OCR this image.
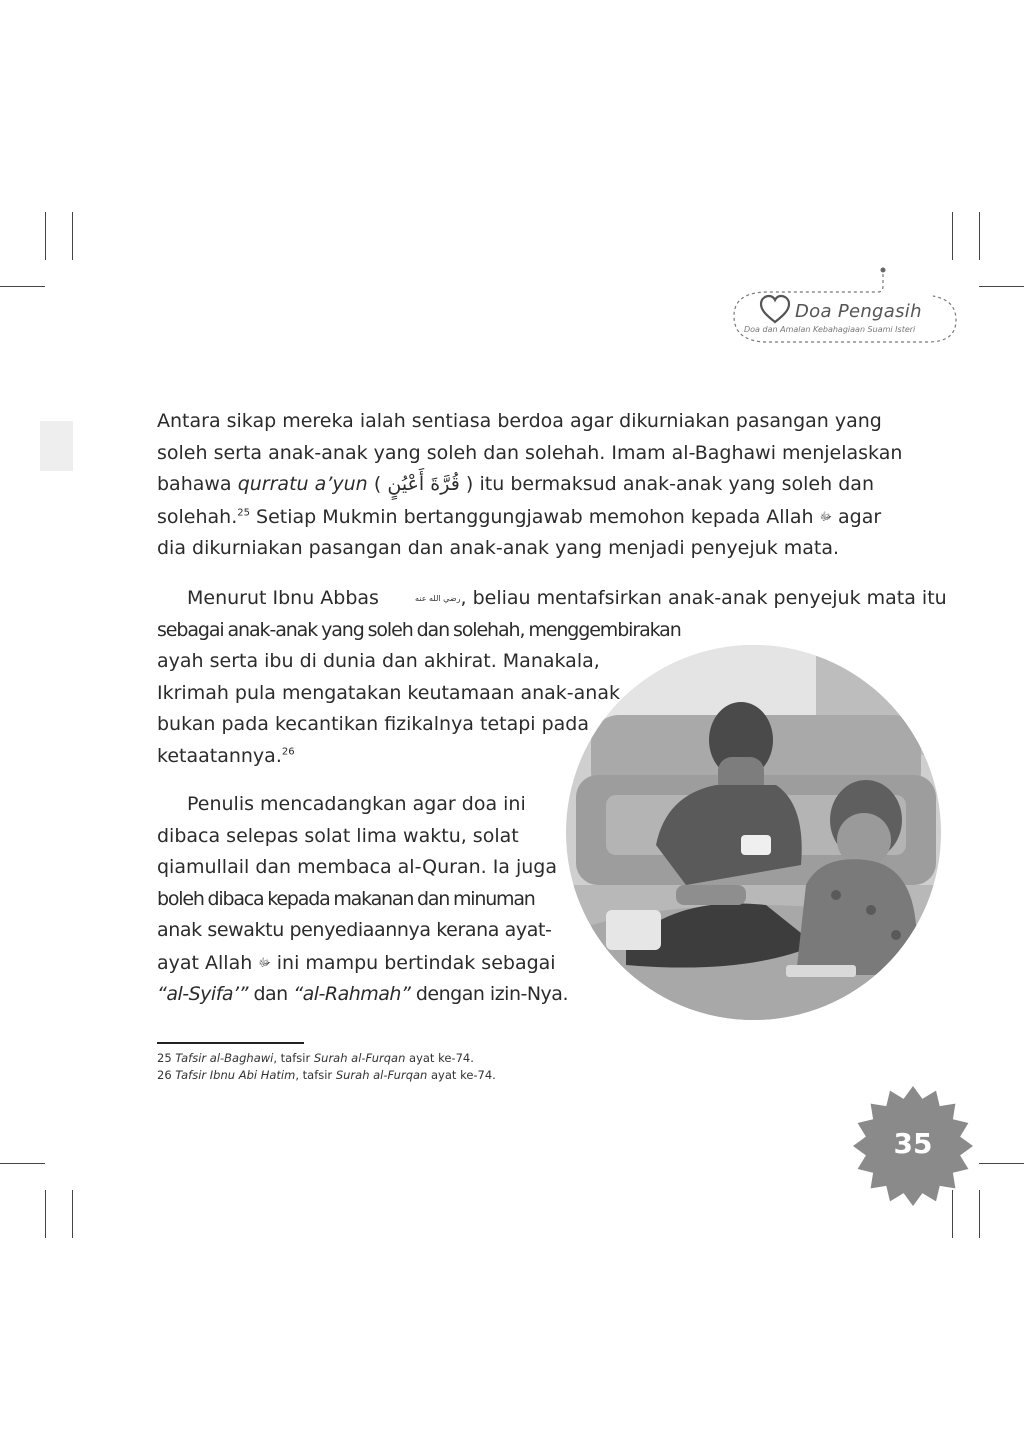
Doa Pengasih
Doa dan Amalan Kebahagiaan Suami Isteri
Antara sikap mereka ialah sentiasa berdoa agar dikurniakan pasangan yang
soleh serta anak-anak yang soleh dan solehah. Imam al-Baghawi menjelaskan
bahawa qurratu a’yun ( قُرَّةَ أَعْيُنٍ ) itu bermaksud anak-anak yang soleh dan
solehah.$^{25}$ Setiap Mukmin bertanggungjawab memohon kepada Allah ﷻ agar
dia dikurniakan pasangan dan anak-anak yang menjadi penyejuk mata.
Menurut Ibnu Abbas	رضي الله عنه, beliau mentafsirkan anak-anak penyejuk mata itu
sebagai anak-anak yang soleh dan solehah, menggembirakan
ayah serta ibu di dunia dan akhirat. Manakala,
Ikrimah pula mengatakan keutamaan anak-anak
bukan pada kecantikan fizikalnya tetapi pada
ketaatannya.$^{26}$
Penulis mencadangkan agar doa ini
dibaca selepas solat lima waktu, solat
qiamullail dan membaca al-Quran. Ia juga
boleh dibaca kepada makanan dan minuman
anak sewaktu penyediaannya kerana ayat-
ayat Allah ﷻ ini mampu bertindak sebagai
“al-Syifa’” dan “al-Rahmah” dengan izin-Nya.
25 Tafsir al-Baghawi, tafsir Surah al-Furqan ayat ke-74.
26 Tafsir Ibnu Abi Hatim, tafsir Surah al-Furqan ayat ke-74.
35
